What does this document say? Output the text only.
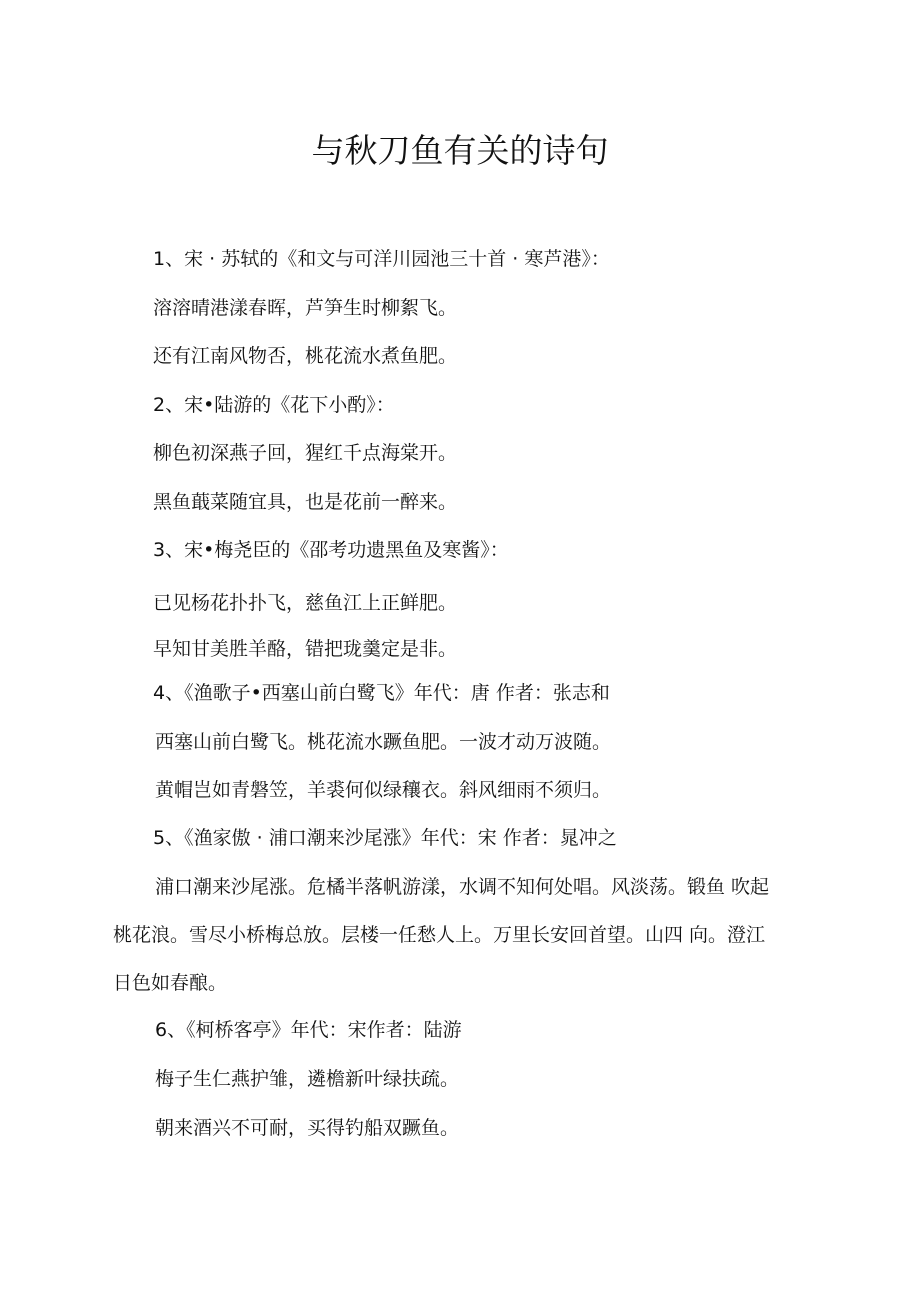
与秋刀鱼有关的诗句

1、宋 · 苏轼的《和文与可洋川园池三十首 · 寒芦港》：

溶溶晴港漾春晖，芦笋生时柳絮飞。

还有江南风物否，桃花流水煮鱼肥。

2、宋•陆游的《花下小酌》：

柳色初深燕子回，猩红千点海棠开。

黑鱼蕺菜随宜具，也是花前一醉来。

3、宋•梅尧臣的《邵考功遗黑鱼及寒酱》：

已见杨花扑扑飞，慈鱼江上正鲜肥。

早知甘美胜羊酪，错把珑羹定是非。

4、《渔歌子•西塞山前白鹭飞》年代：唐 作者：张志和

西塞山前白鹭飞。桃花流水蹶鱼肥。一波才动万波随。

黄帽岂如青磐笠，羊裘何似绿穰衣。斜风细雨不须归。

5、《渔家傲 · 浦口潮来沙尾涨》年代：宋 作者：晁冲之

浦口潮来沙尾涨。危橘半落帆游漾，水调不知何处唱。风淡荡。锻鱼 吹起

桃花浪。雪尽小桥梅总放。层楼一任愁人上。万里长安回首望。山四 向。澄江

日色如春酿。

6、《柯桥客亭》年代：宋作者：陆游

梅子生仁燕护雏，遴檐新叶绿扶疏。

朝来酒兴不可耐，买得钓船双蹶鱼。
